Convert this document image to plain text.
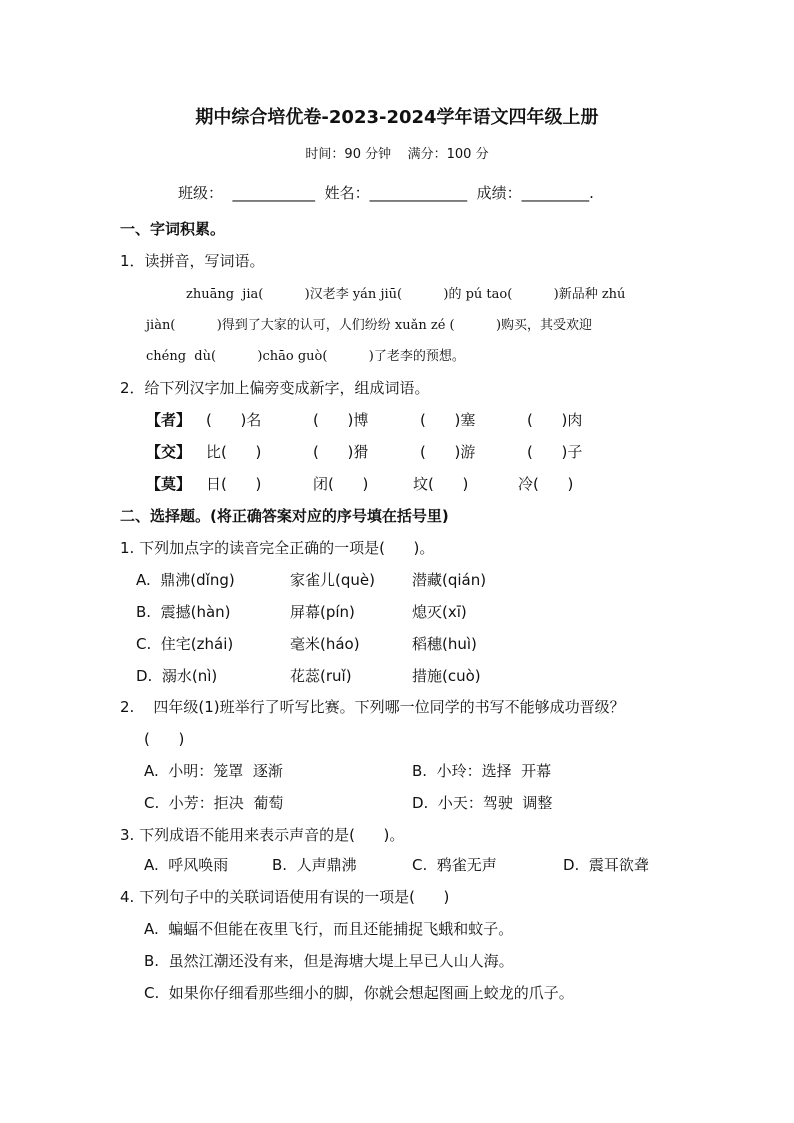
期中综合培优卷-2023-2024学年语文四年级上册
时间：90 分钟    满分：100 分
班级：  ___________  姓名：_____________  成绩：_________.
一、字词积累。
1．读拼音，写词语。
zhuāng  jia(          )汉老李 yán jiū(          )的 pú tao(          )新品种 zhú
jiàn(          )得到了大家的认可，人们纷纷 xuǎn zé (          )购买，其受欢迎
chéng  dù(          )chāo guò(          )了老李的预想。
2．给下列汉字加上偏旁变成新字，组成词语。
【者】 (      )名	(      )博	(      )塞	(      )肉
【交】 比(      )	(      )猾	(      )游	(      )子
【莫】 日(      )	闭(      )	坟(      )	冷(      )
二、选择题。(将正确答案对应的序号填在括号里)
1. 下列加点字的读音完全正确的一项是(      )。
A.  鼎沸(dǐng)	家雀儿(què) 潜藏(qián)
B.  震撼(hàn)	屏幕(pín)	熄灭(xī)
C.  住宅(zhái)	毫米(háo)	稻穗(huì)
D.  溺水(nì)	花蕊(ruǐ)	措施(cuò)
2.    四年级(1)班举行了听写比赛。下列哪一位同学的书写不能够成功晋级？
(      )
A.  小明：笼罩  逐渐	B.  小玲：选择  开幕
C.  小芳：拒决  葡萄	D.  小天：驾驶  调整
3. 下列成语不能用来表示声音的是(      )。
A.  呼风唤雨	B.  人声鼎沸	C.  鸦雀无声	D.  震耳欲聋
4. 下列句子中的关联词语使用有误的一项是(      )
A.  蝙蝠不但能在夜里飞行，而且还能捕捉飞蛾和蚊子。
B.  虽然江潮还没有来，但是海塘大堤上早已人山人海。
C.  如果你仔细看那些细小的脚，你就会想起图画上蛟龙的爪子。
